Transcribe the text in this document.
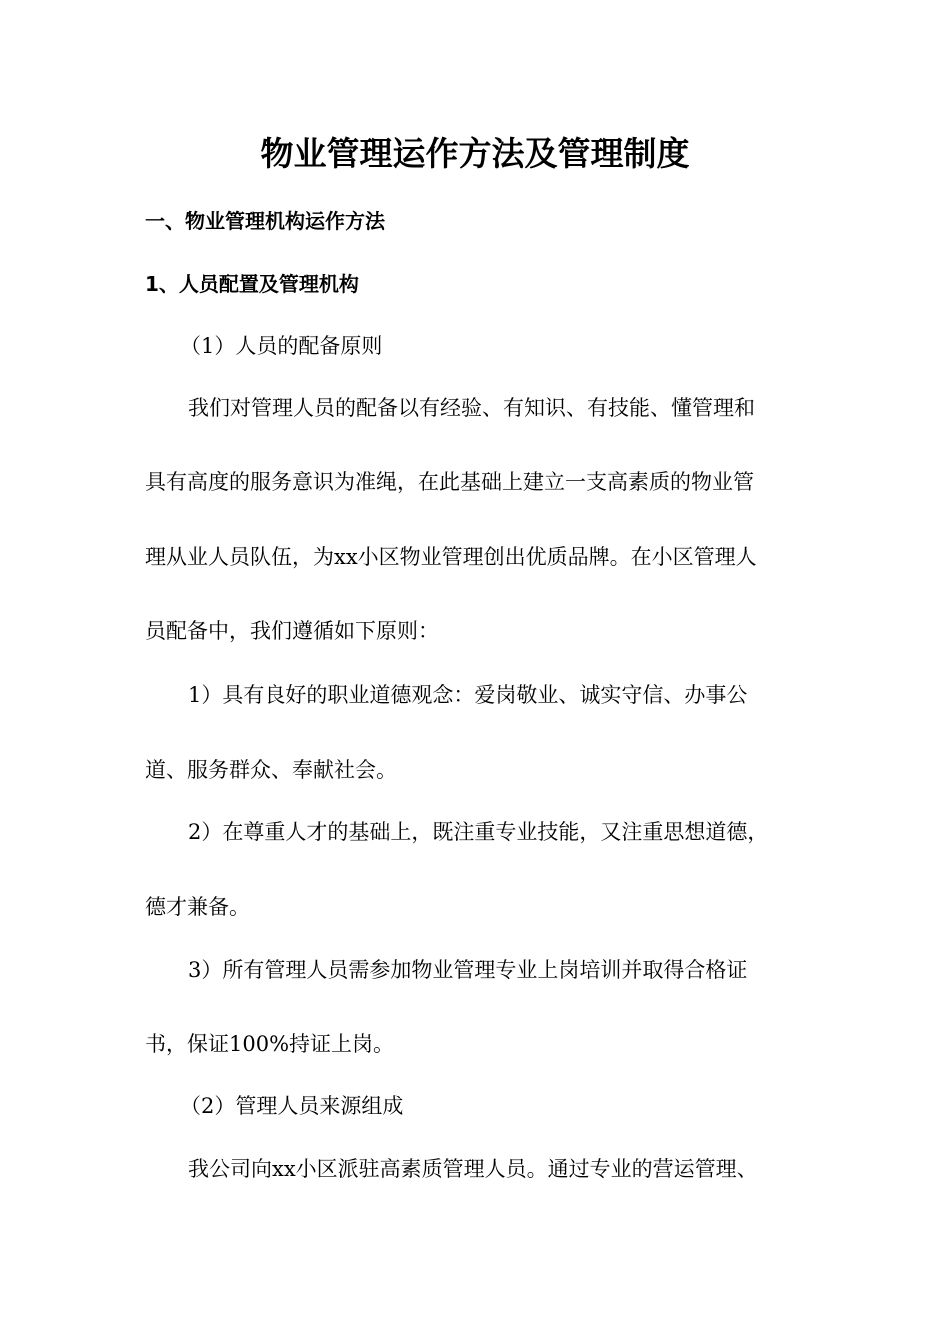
物业管理运作方法及管理制度
一、物业管理机构运作方法
1、人员配置及管理机构
（1）人员的配备原则
我们对管理人员的配备以有经验、有知识、有技能、懂管理和
具有高度的服务意识为准绳，在此基础上建立一支高素质的物业管
理从业人员队伍，为xx小区物业管理创出优质品牌。在小区管理人
员配备中，我们遵循如下原则：
1）具有良好的职业道德观念：爱岗敬业、诚实守信、办事公
道、服务群众、奉献社会。
2）在尊重人才的基础上，既注重专业技能，又注重思想道德，
德才兼备。
3）所有管理人员需参加物业管理专业上岗培训并取得合格证
书，保证100%持证上岗。
（2）管理人员来源组成
我公司向xx小区派驻高素质管理人员。通过专业的营运管理、
